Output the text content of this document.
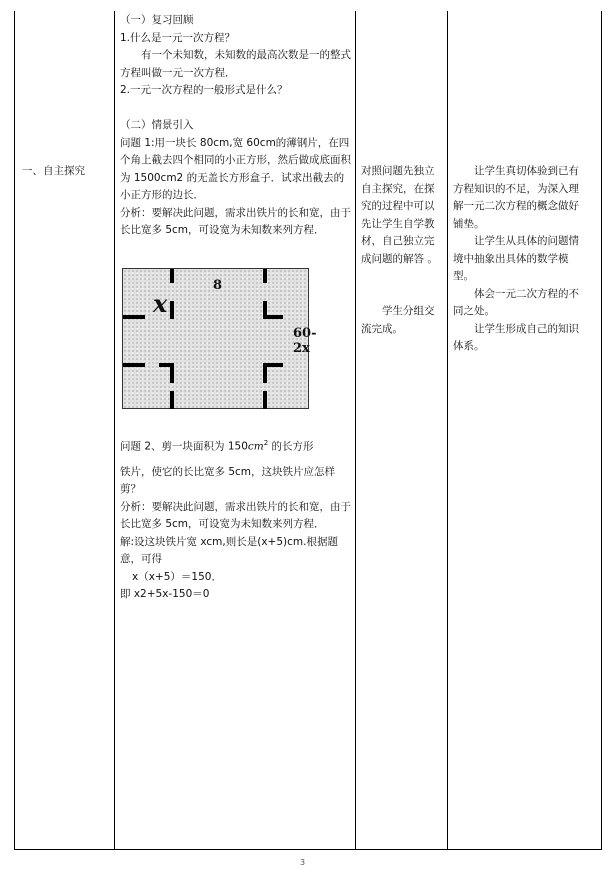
一、自主探究

（一）复习回顾

1.什么是一元一次方程？

有一个未知数，未知数的最高次数是一的整式方程叫做一元一次方程．

2.一元一次方程的一般形式是什么？

（二）情景引入

问题 1:用一块长 80cm,宽 60cm的薄钢片，在四个角上截去四个相同的小正方形，然后做成底面积为 1500cm2 的无盖长方形盒子．试求出截去的小正方形的边长．

分析：要解决此问题，需求出铁片的长和宽，由于长比宽多 5cm，可设宽为未知数来列方程．

x
8
60-2x

问题 2、剪一块面积为 $150cm^2$ 的长方形

铁片，使它的长比宽多 5cm，这块铁片应怎样剪？

分析：要解决此问题，需求出铁片的长和宽，由于长比宽多 5cm，可设宽为未知数来列方程．

解:设这块铁片宽 xcm,则长是(x+5)cm.根据题意，可得

x（x+5）＝150．

即 x2+5x-150＝0

对照问题先独立自主探究，在探究的过程中可以先让学生自学教材，自己独立完成问题的解答 。

学生分组交流完成。

让学生真切体验到已有方程知识的不足，为深入理解一元二次方程的概念做好铺垫。

让学生从具体的问题情境中抽象出具体的数学模型。

体会一元二次方程的不同之处。

让学生形成自己的知识体系。

3
